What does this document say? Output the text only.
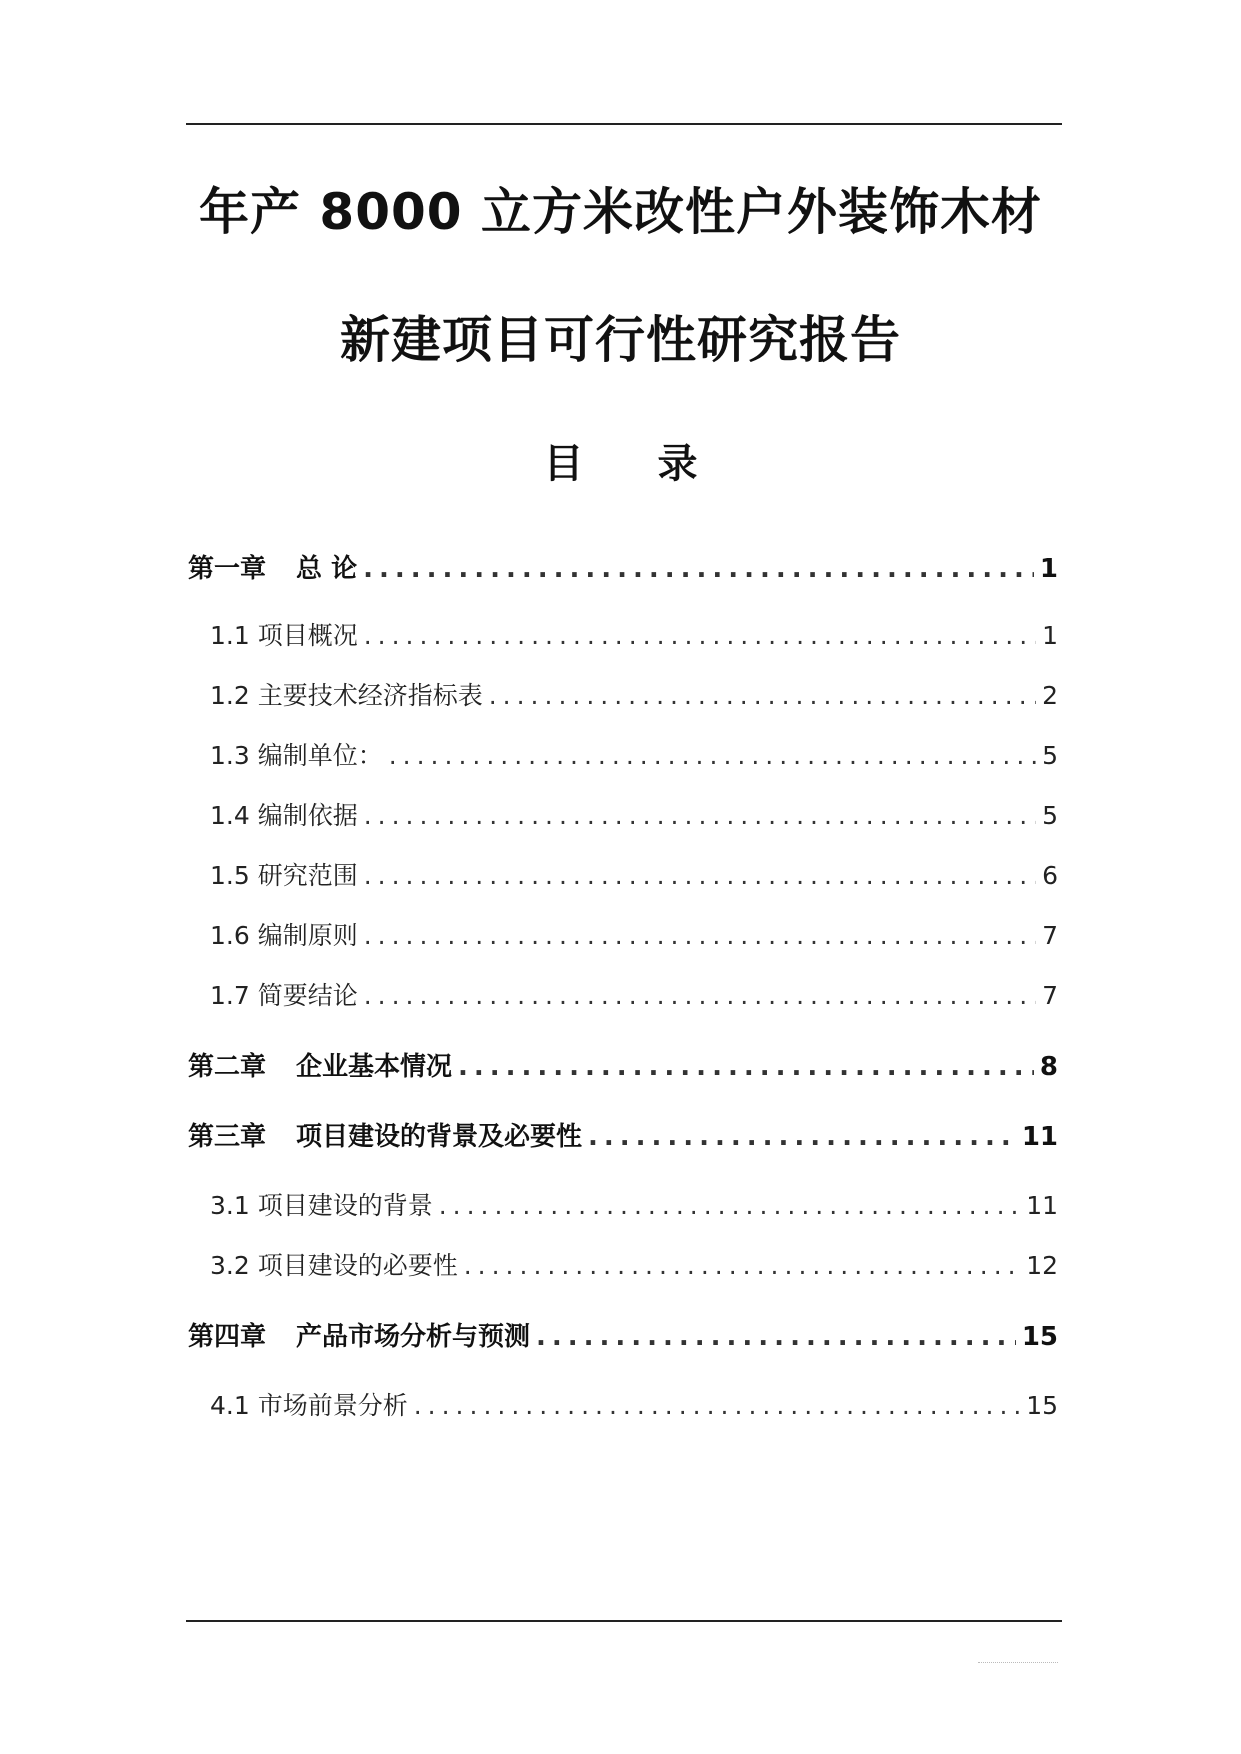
年产 8000 立方米改性户外装饰木材
新建项目可行性研究报告
目 录
第一章 总 论 .....	1
1.1 项目概况 .....	1
1.2 主要技术经济指标表 .....	2
1.3 编制单位： .....	5
1.4 编制依据 .....	5
1.5 研究范围 .....	6
1.6 编制原则 .....	7
1.7 简要结论 .....	7
第二章 企业基本情况 .....	8
第三章 项目建设的背景及必要性 .....	11
3.1 项目建设的背景 .....	11
3.2 项目建设的必要性 .....	12
第四章 产品市场分析与预测 .....	15
4.1 市场前景分析 .....	15
